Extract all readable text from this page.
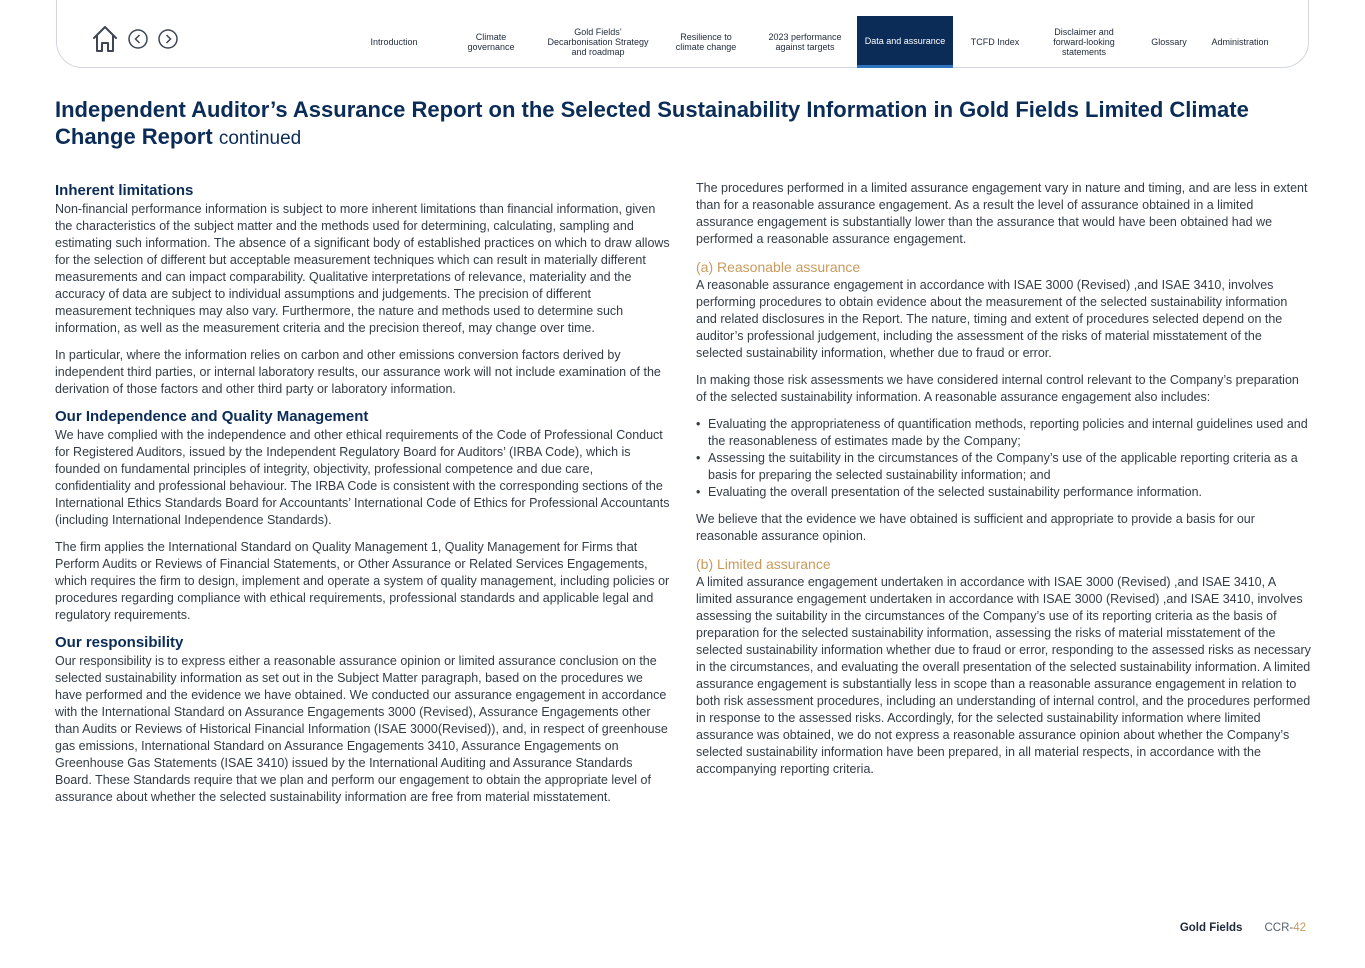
Introduction	Climate governance
Gold Fields’ Decarbonisation Strategy and roadmap
Resilience to climate change
2023 performance against targets
Data and assurance	TCFD Index
Disclaimer and forward-looking statements
Glossary	Administration
Independent Auditor’s Assurance Report on the Selected Sustainability Information in Gold Fields Limited Climate Change Report continued
Inherent limitations

Non-financial performance information is subject to more inherent limitations than financial information, given the characteristics of the subject matter and the methods used for determining, calculating, sampling and estimating such information. The absence of a significant body of established practices on which to draw allows for the selection of different but acceptable measurement techniques which can result in materially different measurements and can impact comparability. Qualitative interpretations of relevance, materiality and the accuracy of data are subject to individual assumptions and judgements. The precision of different measurement techniques may also vary. Furthermore, the nature and methods used to determine such information, as well as the measurement criteria and the precision thereof, may change over time.

In particular, where the information relies on carbon and other emissions conversion factors derived by independent third parties, or internal laboratory results, our assurance work will not include examination of the derivation of those factors and other third party or laboratory information.

Our Independence and Quality Management

We have complied with the independence and other ethical requirements of the Code of Professional Conduct for Registered Auditors, issued by the Independent Regulatory Board for Auditors’ (IRBA Code), which is founded on fundamental principles of integrity, objectivity, professional competence and due care, confidentiality and professional behaviour. The IRBA Code is consistent with the corresponding sections of the International Ethics Standards Board for Accountants’ International Code of Ethics for Professional Accountants (including International Independence Standards).

The firm applies the International Standard on Quality Management 1, Quality Management for Firms that Perform Audits or Reviews of Financial Statements, or Other Assurance or Related Services Engagements, which requires the firm to design, implement and operate a system of quality management, including policies or procedures regarding compliance with ethical requirements, professional standards and applicable legal and regulatory requirements.

Our responsibility

Our responsibility is to express either a reasonable assurance opinion or limited assurance conclusion on the selected sustainability information as set out in the Subject Matter paragraph, based on the procedures we have performed and the evidence we have obtained. We conducted our assurance engagement in accordance with the International Standard on Assurance Engagements 3000 (Revised), Assurance Engagements other than Audits or Reviews of Historical Financial Information (ISAE 3000(Revised)), and, in respect of greenhouse gas emissions, International Standard on Assurance Engagements 3410, Assurance Engagements on Greenhouse Gas Statements (ISAE 3410) issued by the International Auditing and Assurance Standards Board. These Standards require that we plan and perform our engagement to obtain the appropriate level of assurance about whether the selected sustainability information are free from material misstatement.

The procedures performed in a limited assurance engagement vary in nature and timing, and are less in extent than for a reasonable assurance engagement. As a result the level of assurance obtained in a limited assurance engagement is substantially lower than the assurance that would have been obtained had we performed a reasonable assurance engagement.

(a) Reasonable assurance

A reasonable assurance engagement in accordance with ISAE 3000 (Revised) ,and ISAE 3410, involves performing procedures to obtain evidence about the measurement of the selected sustainability information and related disclosures in the Report. The nature, timing and extent of procedures selected depend on the auditor’s professional judgement, including the assessment of the risks of material misstatement of the selected sustainability information, whether due to fraud or error.

In making those risk assessments we have considered internal control relevant to the Company’s preparation of the selected sustainability information. A reasonable assurance engagement also includes:

• Evaluating the appropriateness of quantification methods, reporting policies and internal guidelines used and the reasonableness of estimates made by the Company;
• Assessing the suitability in the circumstances of the Company’s use of the applicable reporting criteria as a basis for preparing the selected sustainability information; and
• Evaluating the overall presentation of the selected sustainability performance information.

We believe that the evidence we have obtained is sufficient and appropriate to provide a basis for our reasonable assurance opinion.

(b) Limited assurance

A limited assurance engagement undertaken in accordance with ISAE 3000 (Revised) ,and ISAE 3410, A limited assurance engagement undertaken in accordance with ISAE 3000 (Revised) ,and ISAE 3410, involves assessing the suitability in the circumstances of the Company’s use of its reporting criteria as the basis of preparation for the selected sustainability information, assessing the risks of material misstatement of the selected sustainability information whether due to fraud or error, responding to the assessed risks as necessary in the circumstances, and evaluating the overall presentation of the selected sustainability information. A limited assurance engagement is substantially less in scope than a reasonable assurance engagement in relation to both risk assessment procedures, including an understanding of internal control, and the procedures performed in response to the assessed risks. Accordingly, for the selected sustainability information where limited assurance was obtained, we do not express a reasonable assurance opinion about whether the Company’s selected sustainability information have been prepared, in all material respects, in accordance with the accompanying reporting criteria.

Gold Fields CCR-42
